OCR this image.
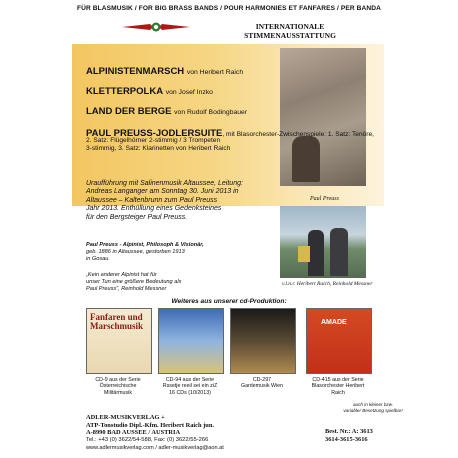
FÜR BLASMUSIK / FOR BIG BRASS BANDS / POUR HARMONIES ET FANFARES / PER BANDA
INTERNATIONALE
STIMMENAUSSTATTUNG
Paul Preuss
ALPINISTENMARSCH von Heribert Raich
KLETTERPOLKA von Josef Inzko
LAND DER BERGE von Rudolf Bodingbauer
PAUL PREUSS-JODLERSUITE, mit Blasorchester-Zwischenspiele: 1. Satz: Tenöre,
2. Satz: Flügelhörner 2-stimmig / 3 Trompeten
3-stimmig, 3. Satz: Klarinetten von Heribert Raich
Uraufführung mit Salinenmusik Altaussee, Leitung:
Andreas Langanger am Sonntag 30. Juni 2013 in
Altaussee – Kaltenbrunn zum Paul Preuss
Jahr 2013. Enthüllung eines Gedenksteines
für den Bergsteiger Paul Preuss.
v.l.n.r. Heribert Raich, Reinhold Messner
Paul Preuss - Alpinist, Philosoph & Visionär,
geb. 1886 in Altaussee, gestorben 1913
in Gosau.
„Kein anderer Alpinist hat für
unser Tun eine größere Bedeutung als
Paul Preuss", Reinhold Messner
Weiteres aus unserer cd-Produktion:
Fanfaren und Marschmusik	AMADE
CD-9 aus der Serie
Österreichische
Militärmusik
CD-94 aus der Serie
Rssetje reeil sei ein ziZ
16 CDs (10/2013)
CD-297
Gardemusik Wien
CD-415 aus der Serie
Blasorchester Heribert
Raich
auch in kleiner bzw.
variabler Besetzung spielbar!
ADLER-MUSIKVERLAG +
ATP-Tonstudio Dipl.-Kfm. Heribert Raich jun.
A-8990 BAD AUSSEE / AUSTRIA
Tel.: +43 (0) 3622/54-588, Fax: (0) 3622/55-266
Best. Nr.: A: 3613
3614-3615-3616
www.adlermusikverlag.com / adler-musikverlag@aon.at
